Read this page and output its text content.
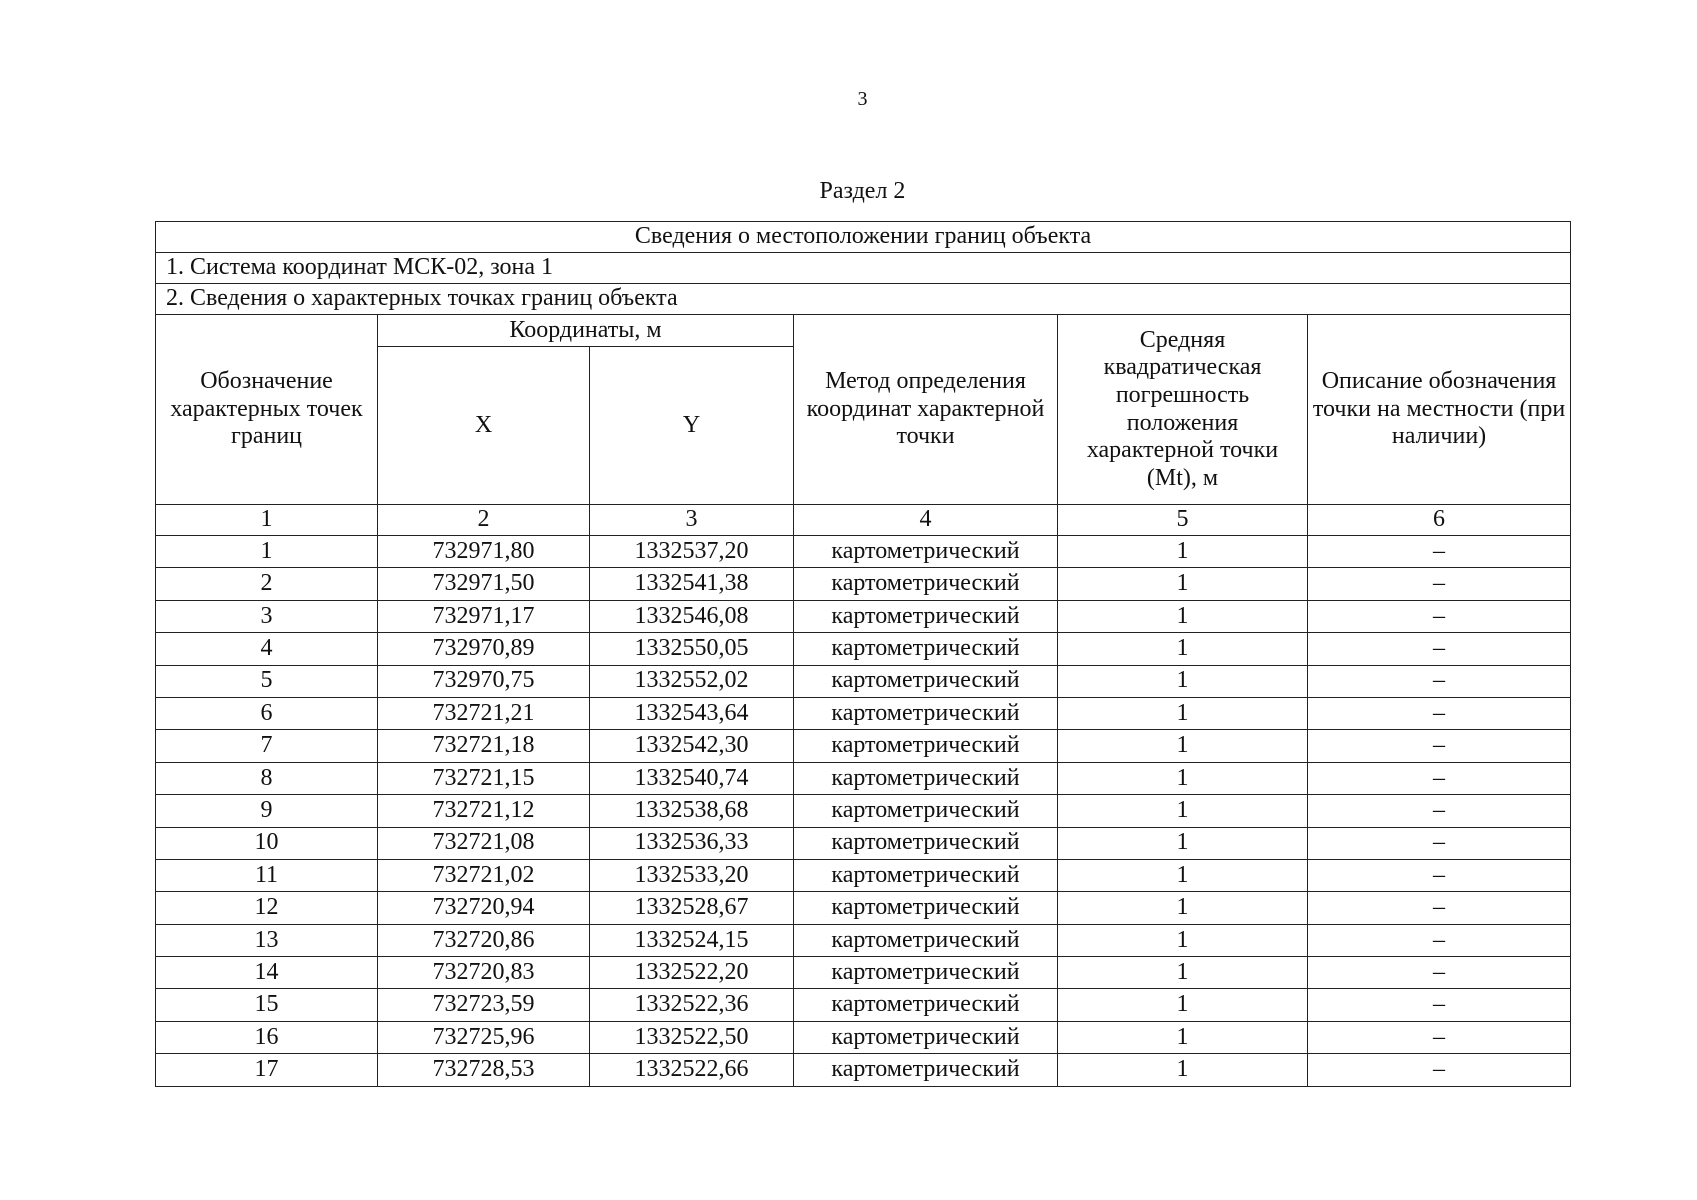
3
Раздел 2
Сведения о местоположении границ объекта					
1. Система координат МСК-02, зона 1					
2. Сведения о характерных точках границ объекта					
Обозначение характерных точек границ	Координаты, м		Метод определения координат характерной точки	Средняя квадратическая погрешность положения характерной точки (Mt), м	Описание обозначения точки на местности (при наличии)
	X	Y			
1	2	3	4	5	6
1	732971,80	1332537,20	картометрический	1	–
2	732971,50	1332541,38	картометрический	1	–
3	732971,17	1332546,08	картометрический	1	–
4	732970,89	1332550,05	картометрический	1	–
5	732970,75	1332552,02	картометрический	1	–
6	732721,21	1332543,64	картометрический	1	–
7	732721,18	1332542,30	картометрический	1	–
8	732721,15	1332540,74	картометрический	1	–
9	732721,12	1332538,68	картометрический	1	–
10	732721,08	1332536,33	картометрический	1	–
11	732721,02	1332533,20	картометрический	1	–
12	732720,94	1332528,67	картометрический	1	–
13	732720,86	1332524,15	картометрический	1	–
14	732720,83	1332522,20	картометрический	1	–
15	732723,59	1332522,36	картометрический	1	–
16	732725,96	1332522,50	картометрический	1	–
17	732728,53	1332522,66	картометрический	1	–
